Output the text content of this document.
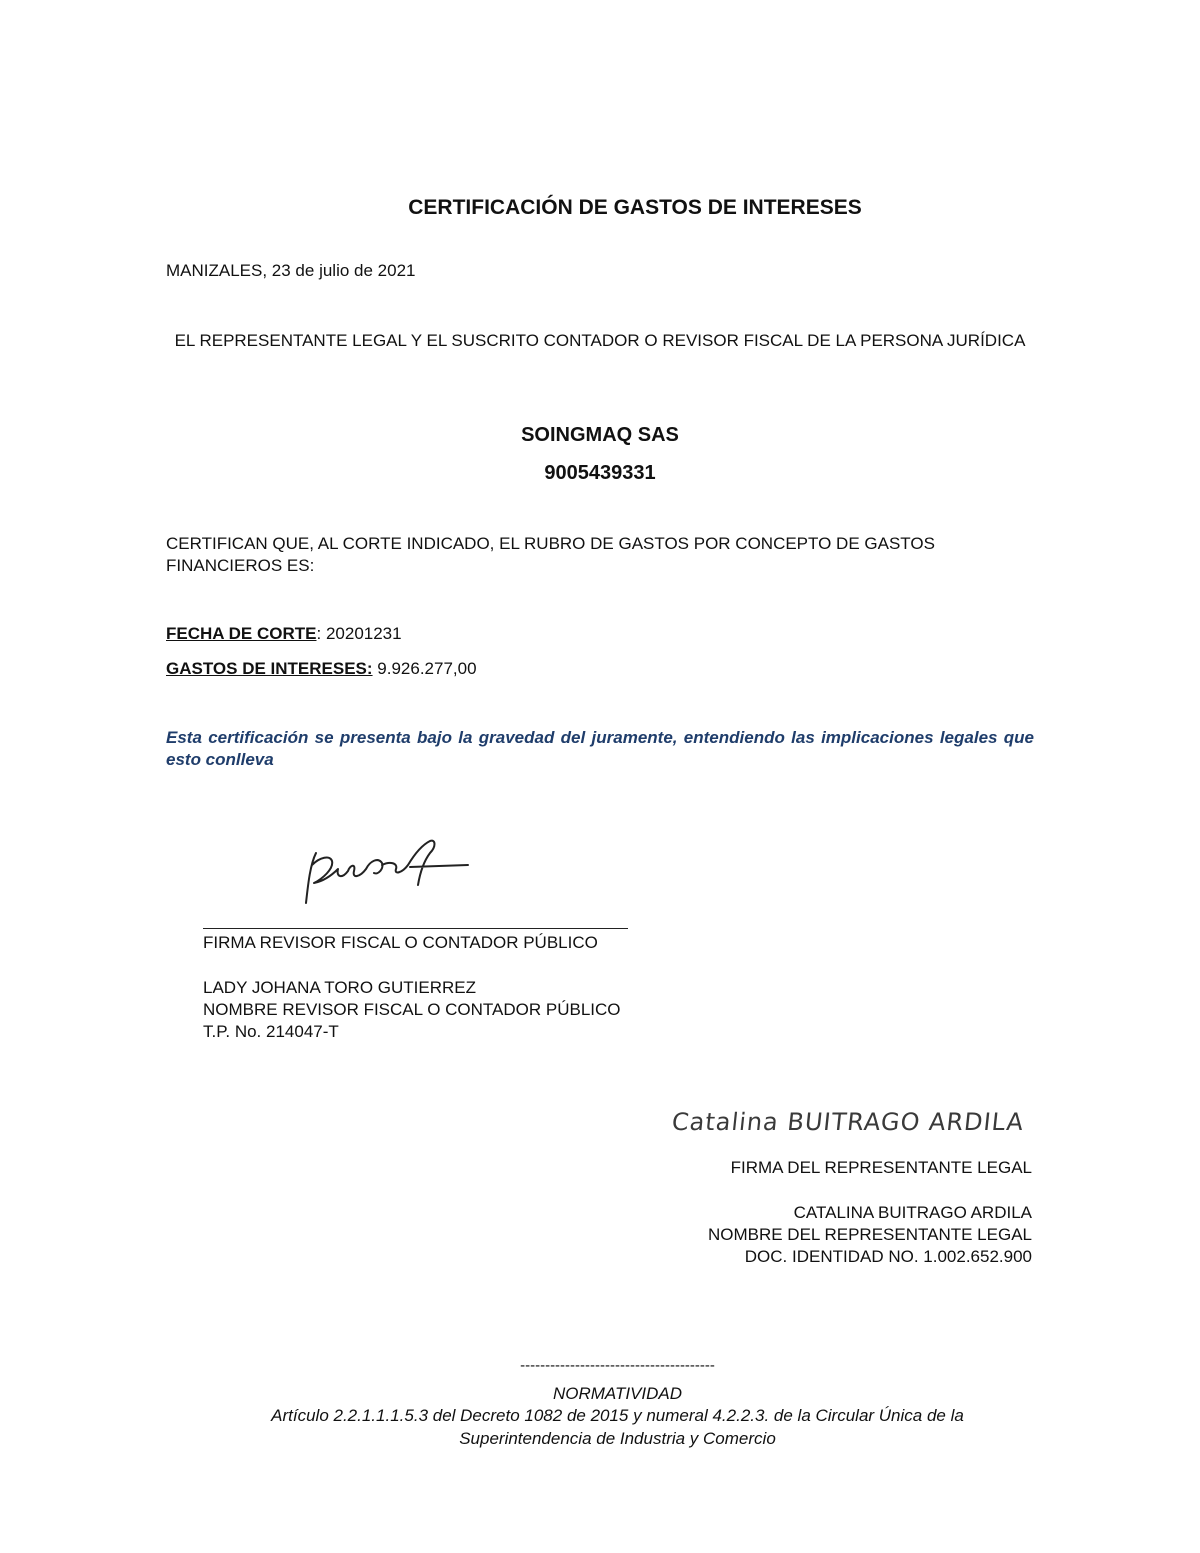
CERTIFICACIÓN DE GASTOS DE INTERESES
MANIZALES, 23 de julio de 2021
EL REPRESENTANTE LEGAL Y EL SUSCRITO CONTADOR O REVISOR FISCAL DE LA PERSONA JURÍDICA
SOINGMAQ SAS
9005439331
CERTIFICAN QUE, AL CORTE INDICADO, EL RUBRO DE GASTOS POR CONCEPTO DE GASTOS FINANCIEROS ES:
FECHA DE CORTE: 20201231
GASTOS DE INTERESES: 9.926.277,00
Esta certificación se presenta bajo la gravedad del juramente, entendiendo las implicaciones legales que esto conlleva
FIRMA REVISOR FISCAL O CONTADOR PÚBLICO
LADY JOHANA TORO GUTIERREZ
NOMBRE REVISOR FISCAL O CONTADOR PÚBLICO
T.P. No. 214047-T
Catalina BUITRAGO ARDILA
FIRMA DEL REPRESENTANTE LEGAL
CATALINA BUITRAGO ARDILA
NOMBRE DEL REPRESENTANTE LEGAL
DOC. IDENTIDAD NO. 1.002.652.900
---------------------------------------
NORMATIVIDAD
Artículo 2.2.1.1.1.5.3 del Decreto 1082 de 2015 y numeral 4.2.2.3. de la Circular Única de la
Superintendencia de Industria y Comercio
